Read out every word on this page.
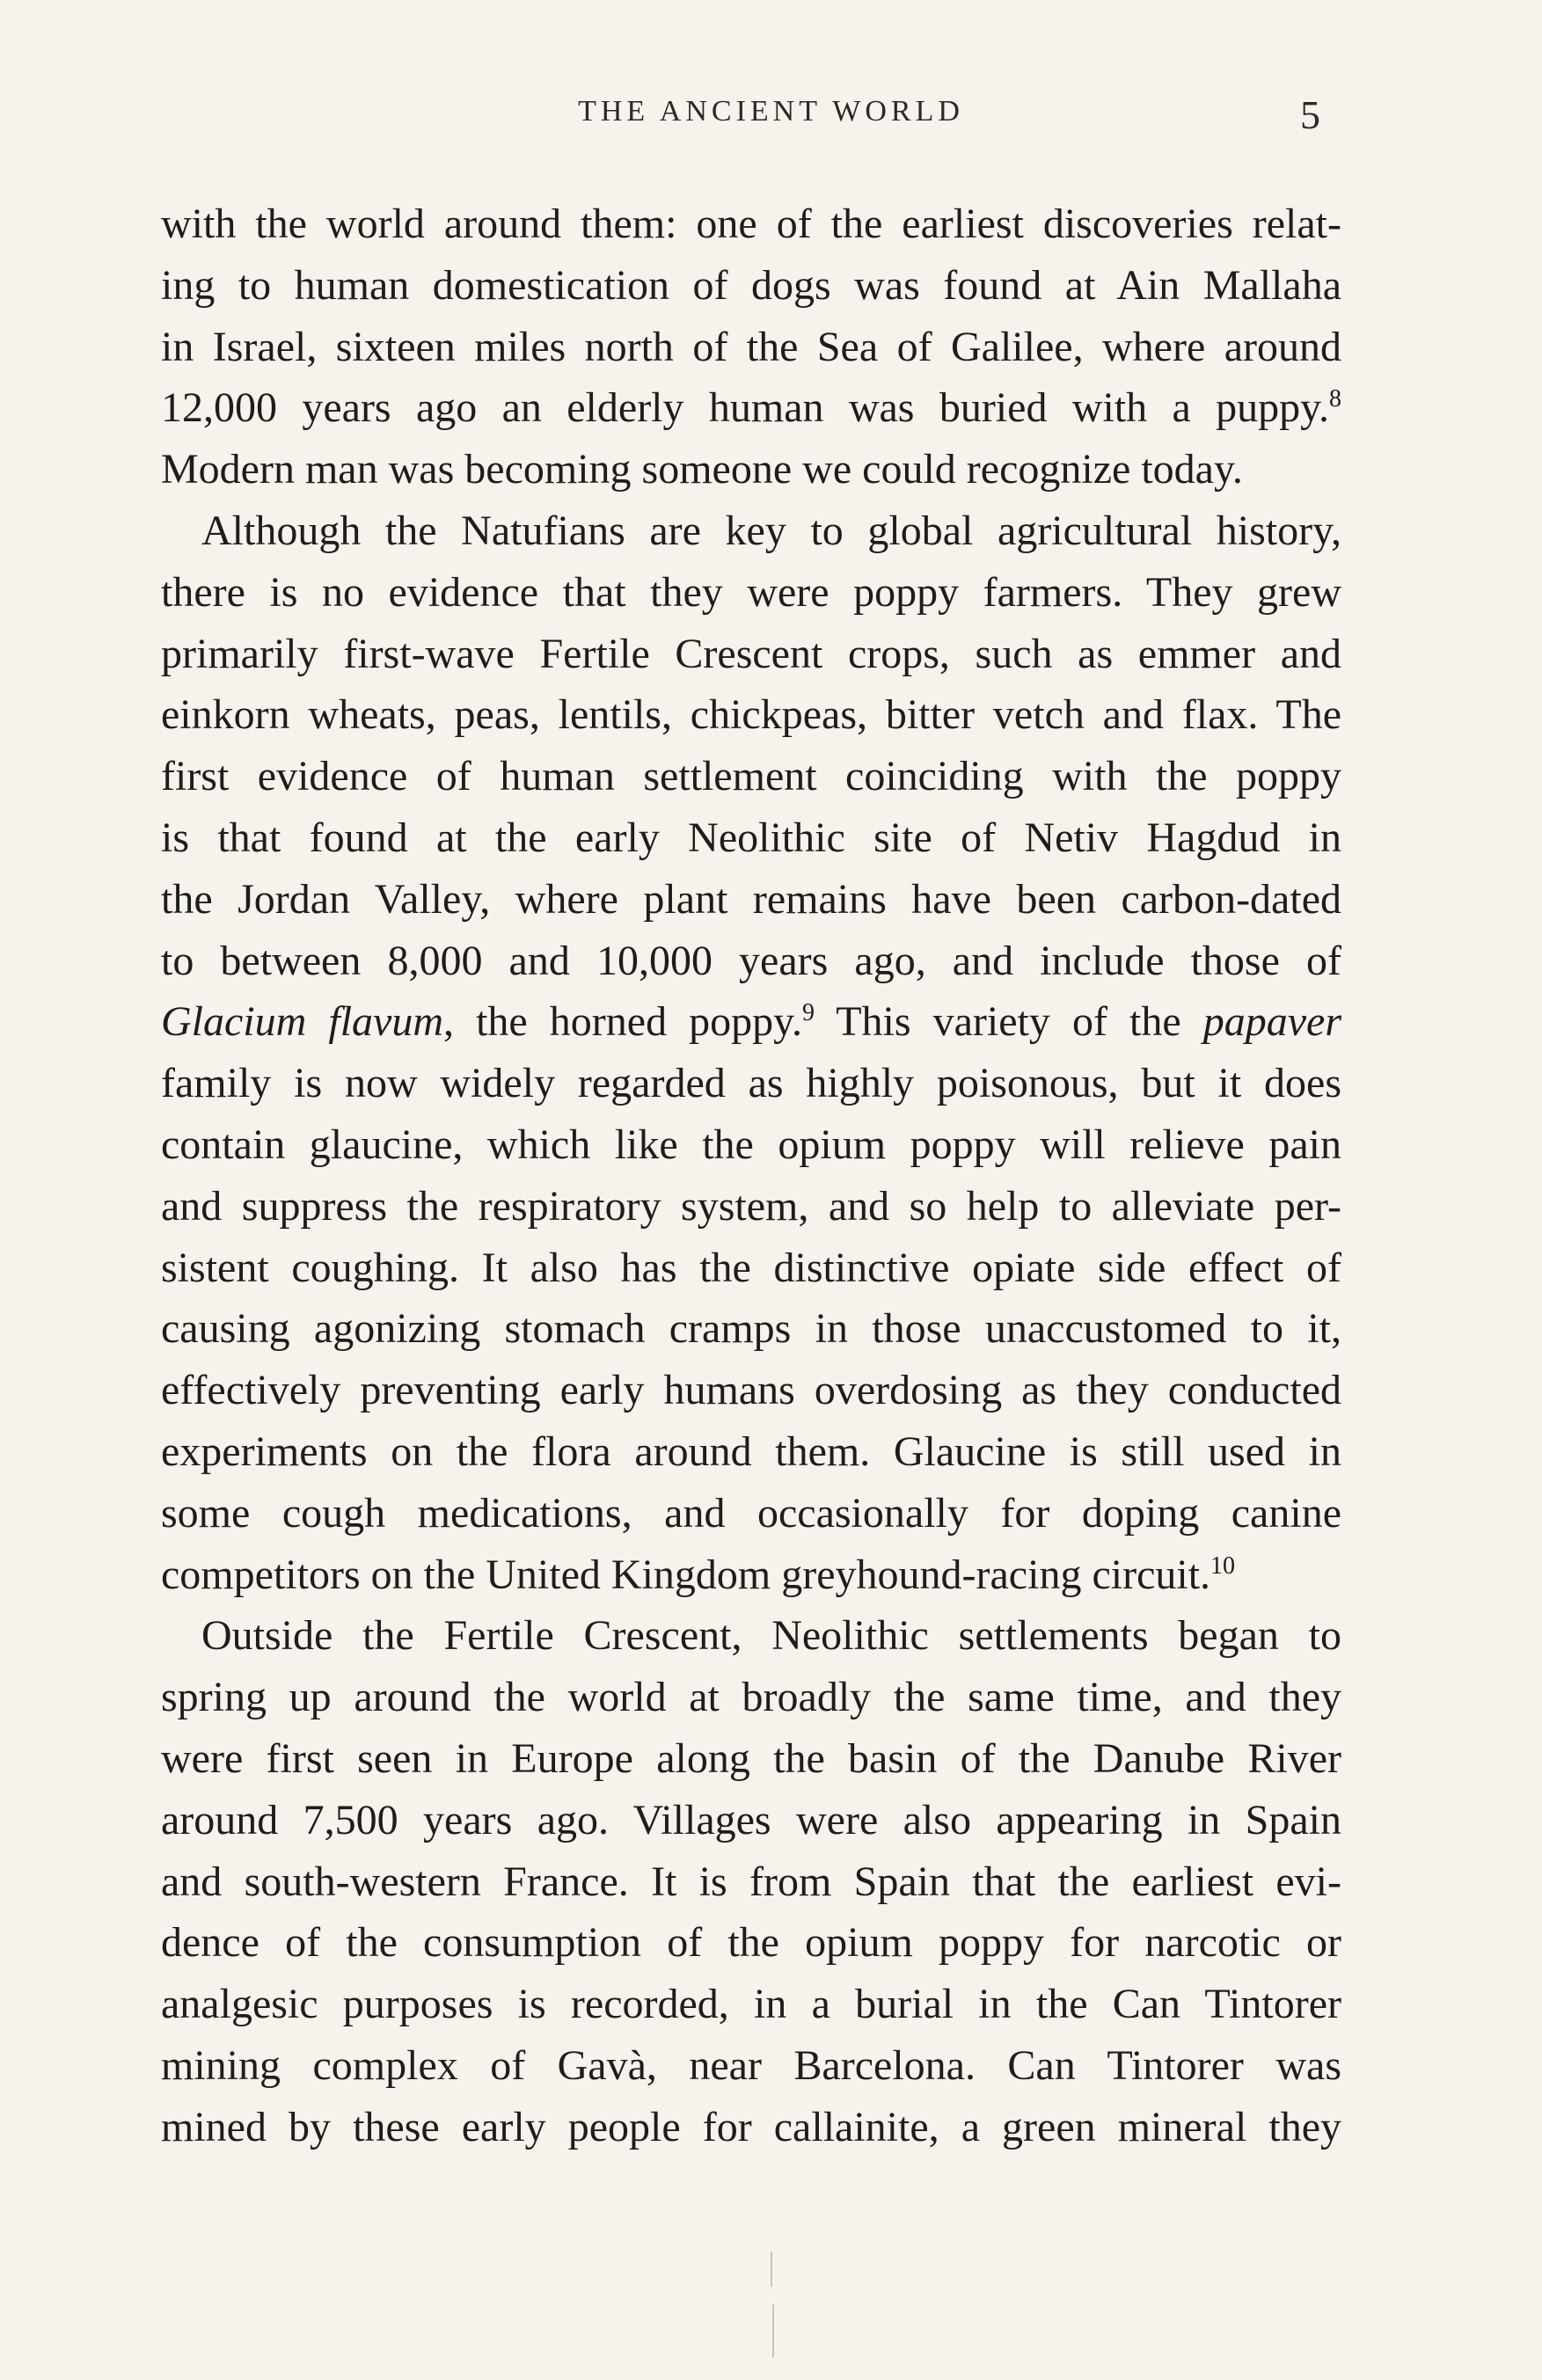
THE ANCIENT WORLD	5
with the world around them: one of the earliest discoveries relat-
ing to human domestication of dogs was found at Ain Mallaha
in Israel, sixteen miles north of the Sea of Galilee, where around
12,000 years ago an elderly human was buried with a puppy.$^8$
Modern man was becoming someone we could recognize today.
Although the Natufians are key to global agricultural history,
there is no evidence that they were poppy farmers. They grew
primarily first-wave Fertile Crescent crops, such as emmer and
einkorn wheats, peas, lentils, chickpeas, bitter vetch and flax. The
first evidence of human settlement coinciding with the poppy
is that found at the early Neolithic site of Netiv Hagdud in
the Jordan Valley, where plant remains have been carbon-dated
to between 8,000 and 10,000 years ago, and include those of
Glacium flavum, the horned poppy.$^9$ This variety of the papaver
family is now widely regarded as highly poisonous, but it does
contain glaucine, which like the opium poppy will relieve pain
and suppress the respiratory system, and so help to alleviate per-
sistent coughing. It also has the distinctive opiate side effect of
causing agonizing stomach cramps in those unaccustomed to it,
effectively preventing early humans overdosing as they conducted
experiments on the flora around them. Glaucine is still used in
some cough medications, and occasionally for doping canine
competitors on the United Kingdom greyhound-racing circuit.$^{10}$
Outside the Fertile Crescent, Neolithic settlements began to
spring up around the world at broadly the same time, and they
were first seen in Europe along the basin of the Danube River
around 7,500 years ago. Villages were also appearing in Spain
and south-western France. It is from Spain that the earliest evi-
dence of the consumption of the opium poppy for narcotic or
analgesic purposes is recorded, in a burial in the Can Tintorer
mining complex of Gavà, near Barcelona. Can Tintorer was
mined by these early people for callainite, a green mineral they
